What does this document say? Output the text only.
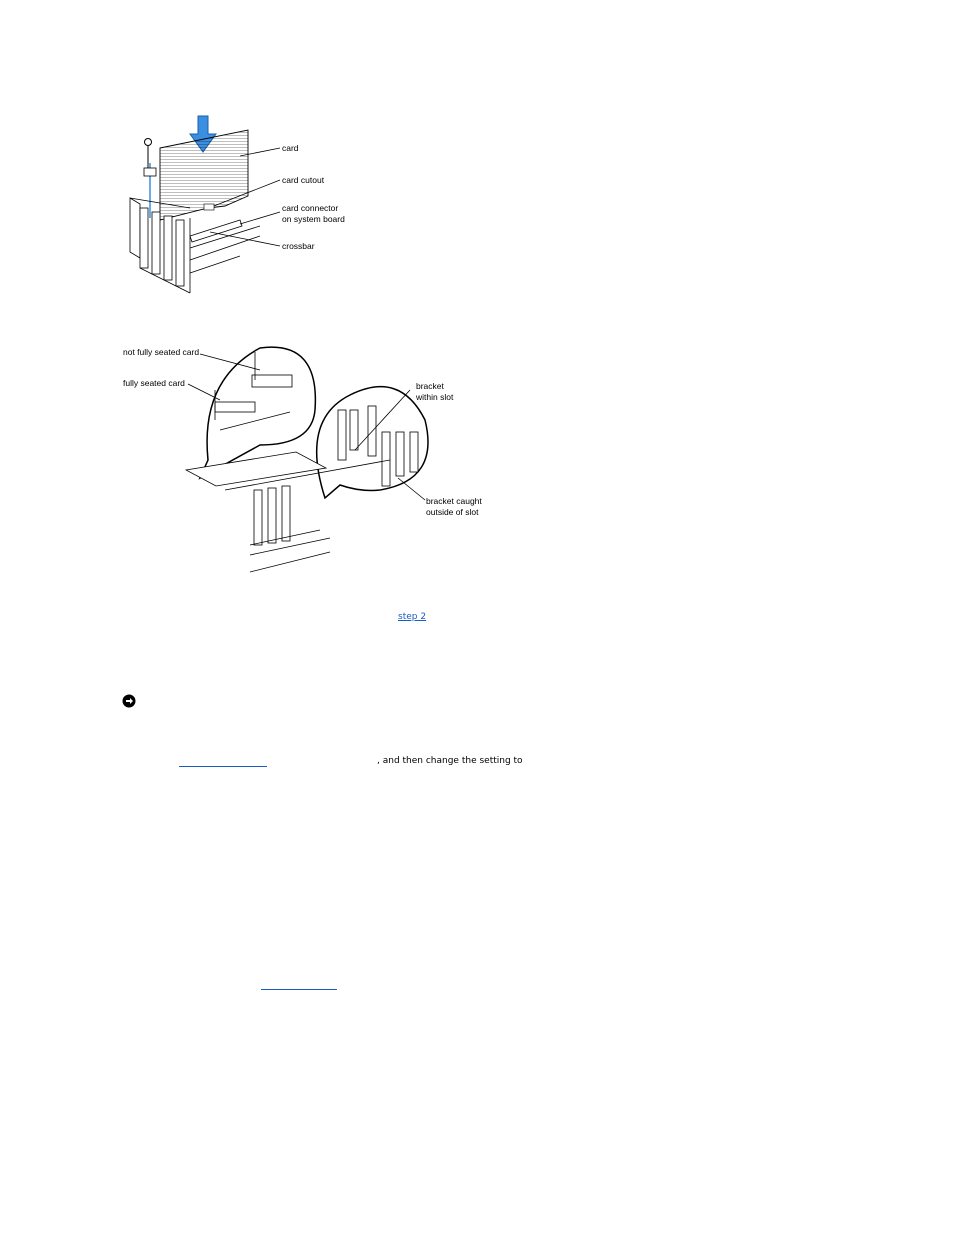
card
card cutout
card connector
on system board
crossbar
not fully seated card
fully seated card	bracket
within slot
bracket caught
outside of slot
step 2
, and then change the setting to
